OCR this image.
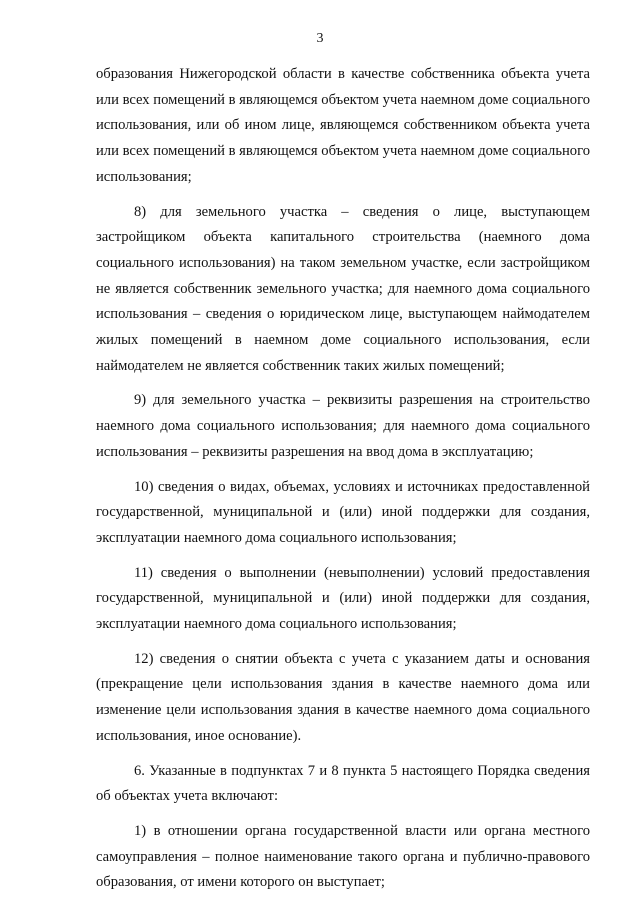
3

образования Нижегородской области в качестве собственника объекта учета или всех помещений в являющемся объектом учета наемном доме социального использования, или об ином лице, являющемся собственником объекта учета или всех помещений в являющемся объектом учета наемном доме социального использования;

8) для земельного участка – сведения о лице, выступающем застройщиком объекта капитального строительства (наемного дома социального использования) на таком земельном участке, если застройщиком не является собственник земельного участка; для наемного дома социального использования – сведения о юридическом лице, выступающем наймодателем жилых помещений в наемном доме социального использования, если наймодателем не является собственник таких жилых помещений;

9) для земельного участка – реквизиты разрешения на строительство наемного дома социального использования; для наемного дома социального использования – реквизиты разрешения на ввод дома в эксплуатацию;

10) сведения о видах, объемах, условиях и источниках предоставленной государственной, муниципальной и (или) иной поддержки для создания, эксплуатации наемного дома социального использования;

11) сведения о выполнении (невыполнении) условий предоставления государственной, муниципальной и (или) иной поддержки для создания, эксплуатации наемного дома социального использования;

12) сведения о снятии объекта с учета с указанием даты и основания (прекращение цели использования здания в качестве наемного дома или изменение цели использования здания в качестве наемного дома социального использования, иное основание).

6. Указанные в подпунктах 7 и 8 пункта 5 настоящего Порядка сведения об объектах учета включают:

1) в отношении органа государственной власти или органа местного самоуправления – полное наименование такого органа и публично-правового образования, от имени которого он выступает;
